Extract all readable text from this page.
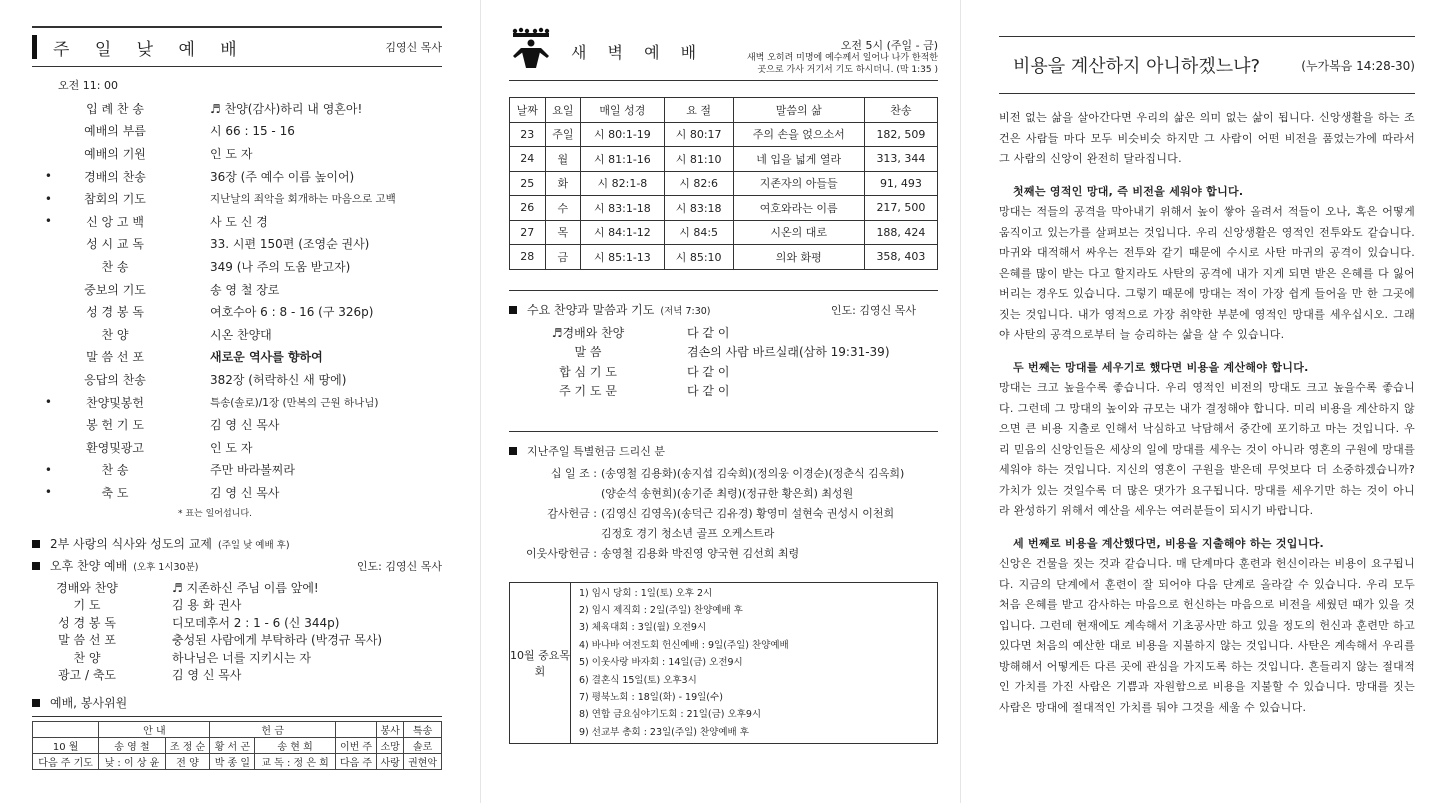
주 일 낮 예 배	김영신 목사
오전 11: 00
입 례 찬 송	♬ 찬양(감사)하리 내 영혼아!
예배의 부름	시 66 : 15 - 16
예배의 기원	인 도 자
•	경배의 찬송	36장 (주 예수 이름 높이어)
•	참회의 기도	지난날의 죄악을 회개하는 마음으로 고백
•	신 앙 고 백	사 도 신 경
성 시 교 독	33. 시편 150편 (조영순 권사)
찬 송	349 (나 주의 도움 받고자)
중보의 기도	송 영 철 장로
성 경 봉 독	여호수아 6 : 8 - 16 (구 326p)
찬 양	시온 찬양대
말 씀 선 포	새로운 역사를 향하여
응답의 찬송	382장 (허락하신 새 땅에)
•	찬양및봉헌	특송(솔로)/1장 (만복의 근원 하나님)
봉 헌 기 도	김 영 신 목사
환영및광고	인 도 자
•	찬 송	주만 바라볼찌라
•	축 도	김 영 신 목사
* 표는 일어섭니다.
2부 사랑의 식사와 성도의 교제 (주일 낮 예배 후)
오후 찬양 예배 (오후 1시30분)	인도: 김영신 목사
경배와 찬양	♬ 지존하신 주님 이름 앞에!
기 도	김 용 화 권사
성 경 봉 독	디모데후서 2 : 1 - 6 (신 344p)
말 씀 선 포	충성된 사람에게 부탁하라 (박경규 목사)
찬 양	하나님은 너를 지키시는 자
광고 / 축도	김 영 신 목사
예배, 봉사위원
	안 내		헌 금			봉사	특송
10 월	송 영 철	조 정 순	황 서 곤	송 현 희	이번 주	소망	솔로
다음 주 기도	낮 : 이 상 윤	전 양	박 종 일	교 독 : 정 은 희	다음 주	사랑	권현악
새 벽 예 배	오전 5시 (주일 - 금)
새벽 오히려 미명에 예수께서 일어나 나가 한적한
곳으로 가사 거기서 기도 하시더니. (막 1:35 )
날짜	요일	매일 성경	요 절	말씀의 삶	찬송
23	주일	시 80:1-19	시 80:17	주의 손을 얹으소서	182, 509
24	월	시 81:1-16	시 81:10	네 입을 넓게 열라	313, 344
25	화	시 82:1-8	시 82:6	지존자의 아들들	91, 493
26	수	시 83:1-18	시 83:18	여호와라는 이름	217, 500
27	목	시 84:1-12	시 84:5	시온의 대로	188, 424
28	금	시 85:1-13	시 85:10	의와 화평	358, 403
수요 찬양과 말씀과 기도 (저녁 7:30)	인도: 김영신 목사
♬경배와 찬양	다 같 이
말 씀	겸손의 사람 바르실래(삼하 19:31-39)
합 심 기 도	다 같 이
주 기 도 문	다 같 이
지난주일 특별헌금 드리신 분
십 일 조 : (송영철 김용화)(송지섭 김숙희)(정의웅 이경순)(정춘식 김옥희)
(양순석 송현희)(송기준 최령)(정규한 황은희) 최성원
감사헌금 : (김영신 김영옥)(송덕근 김유경) 황영미 설현숙 권성시 이천희
김정호 경기 청소년 골프 오케스트라
이웃사랑헌금 : 송영철 김용화 박진영 양국현 김선희 최령
10월 중요목회
1) 임시 당회 : 1일(토) 오후 2시
2) 임시 제직회 : 2일(주일) 찬양예배 후
3) 체육대회 : 3일(월) 오전9시
4) 바나바 여전도회 헌신예배 : 9일(주일) 찬양예배
5) 이웃사랑 바자회 : 14일(금) 오전9시
6) 결혼식 15일(토) 오후3시
7) 평북노회 : 18일(화) - 19일(수)
8) 연합 금요심야기도회 : 21일(금) 오후9시
9) 선교부 총회 : 23일(주일) 찬양예배 후
비용을 계산하지 아니하겠느냐?	(누가복음 14:28-30)
비전 없는 삶을 살아간다면 우리의 삶은 의미 없는 삶이 됩니다. 신앙생활을 하는 조건은 사람들 마다 모두 비슷비슷 하지만 그 사람이 어떤 비전을 품었는가에 따라서 그 사람의 신앙이 완전히 달라집니다.
첫째는 영적인 망대, 즉 비전을 세워야 합니다.
망대는 적들의 공격을 막아내기 위해서 높이 쌓아 올려서 적들이 오나, 혹은 어떻게 움직이고 있는가를 살펴보는 것입니다. 우리 신앙생활은 영적인 전투와도 같습니다. 마귀와 대적해서 싸우는 전투와 같기 때문에 수시로 사탄 마귀의 공격이 있습니다. 은혜를 많이 받는 다고 할지라도 사탄의 공격에 내가 지게 되면 받은 은혜를 다 잃어버리는 경우도 있습니다. 그렇기 때문에 망대는 적이 가장 쉽게 들어올 만 한 그곳에 짓는 것입니다. 내가 영적으로 가장 취약한 부분에 영적인 망대를 세우십시오. 그래야 사탄의 공격으로부터 늘 승리하는 삶을 살 수 있습니다.
두 번째는 망대를 세우기로 했다면 비용을 계산해야 합니다.
망대는 크고 높을수록 좋습니다. 우리 영적인 비전의 망대도 크고 높을수록 좋습니다. 그런데 그 망대의 높이와 규모는 내가 결정해야 합니다. 미리 비용을 계산하지 않으면 큰 비용 지출로 인해서 낙심하고 낙담해서 중간에 포기하고 마는 것입니다. 우리 믿음의 신앙인들은 세상의 일에 망대를 세우는 것이 아니라 영혼의 구원에 망대를 세워야 하는 것입니다. 지신의 영혼이 구원을 받은데 무엇보다 더 소중하겠습니까? 가치가 있는 것일수록 더 많은 댓가가 요구됩니다. 망대를 세우기만 하는 것이 아니라 완성하기 위해서 예산을 세우는 여러분들이 되시기 바랍니다.
세 번째로 비용을 계산했다면, 비용을 지출해야 하는 것입니다.
신앙은 건물을 짓는 것과 같습니다. 매 단계마다 훈련과 헌신이라는 비용이 요구됩니다. 지금의 단계에서 훈련이 잘 되어야 다음 단계로 올라갈 수 있습니다. 우리 모두 처음 은혜를 받고 감사하는 마음으로 헌신하는 마음으로 비전을 세웠던 때가 있을 것입니다. 그런데 현재에도 계속해서 기초공사만 하고 있을 정도의 헌신과 훈련만 하고 있다면 처음의 예산한 대로 비용을 지불하지 않는 것입니다. 사탄은 계속해서 우리를 방해해서 어떻게든 다른 곳에 관심을 가지도록 하는 것입니다. 흔들리지 않는 절대적인 가치를 가진 사람은 기쁨과 자원함으로 비용을 지불할 수 있습니다. 망대를 짓는 사람은 망대에 절대적인 가치를 둬야 그것을 세울 수 있습니다.
